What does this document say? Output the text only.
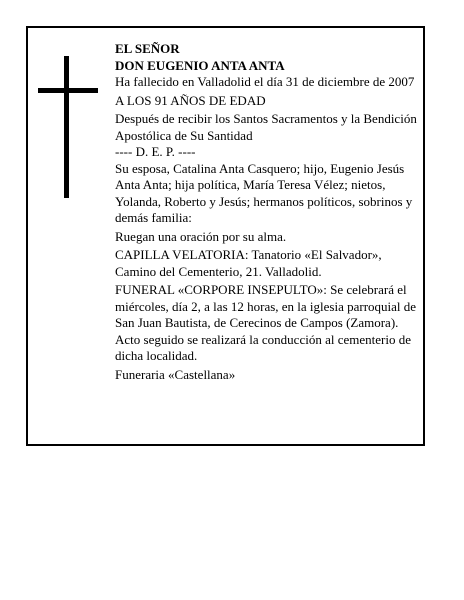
EL SEÑOR

DON EUGENIO ANTA ANTA

Ha fallecido en Valladolid el día 31 de diciembre de 2007

A LOS 91 AÑOS DE EDAD

Después de recibir los Santos Sacramentos y la Bendición Apostólica de Su Santidad

---- D. E. P. ----

Su esposa, Catalina Anta Casquero; hijo, Eugenio Jesús Anta Anta; hija política, María Teresa Vélez; nietos, Yolanda, Roberto y Jesús; hermanos políticos, sobrinos y demás familia:

Ruegan una oración por su alma.

CAPILLA VELATORIA: Tanatorio «El Salvador», Camino del Cementerio, 21. Valladolid.

FUNERAL «CORPORE INSEPULTO»: Se celebrará el miércoles, día 2, a las 12 horas, en la iglesia parroquial de San Juan Bautista, de Cerecinos de Campos (Zamora). Acto seguido se realizará la conducción al cementerio de dicha localidad.

Funeraria «Castellana»
